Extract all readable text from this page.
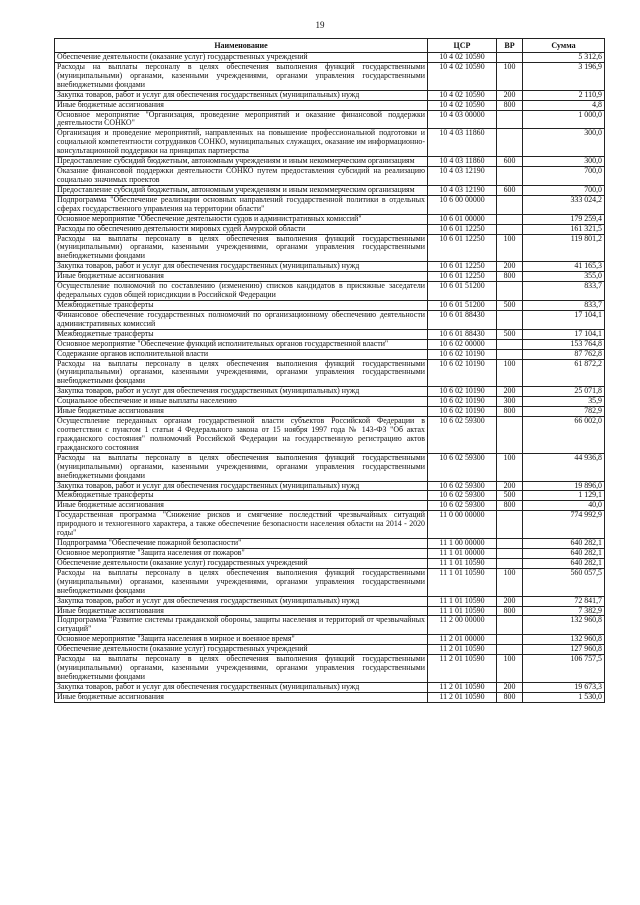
19
Наименование	ЦСР	ВР	Сумма
Обеспечение деятельности (оказание услуг) государственных учреждений	10 4 02 10590		5 312,6
Расходы на выплаты персоналу в целях обеспечения выполнения функций государственными (муниципальными) органами, казенными учреждениями, органами управления государственными внебюджетными фондами	10 4 02 10590	100	3 196,9
Закупка товаров, работ и услуг для обеспечения государственных (муниципальных) нужд	10 4 02 10590	200	2 110,9
Иные бюджетные ассигнования	10 4 02 10590	800	4,8
Основное мероприятие "Организация, проведение мероприятий и оказание финансовой поддержки деятельности СОНКО"	10 4 03 00000		1 000,0
Организация и проведение мероприятий, направленных на повышение профессиональной подготовки и социальной компетентности сотрудников СОНКО, муниципальных служащих, оказание им информационно-консультационной поддержки на принципах партнерства	10 4 03 11860		300,0
Предоставление субсидий бюджетным, автономным учреждениям и иным некоммерческим организациям	10 4 03 11860	600	300,0
Оказание финансовой поддержки деятельности СОНКО путем предоставления субсидий на реализацию социально значимых проектов	10 4 03 12190		700,0
Предоставление субсидий бюджетным, автономным учреждениям и иным некоммерческим организациям	10 4 03 12190	600	700,0
Подпрограмма "Обеспечение реализации основных направлений государственной политики в отдельных сферах государственного управления на территории области"	10 6 00 00000		333 024,2
Основное мероприятие "Обеспечение деятельности судов и административных комиссий"	10 6 01 00000		179 259,4
Расходы по обеспечению деятельности мировых судей Амурской области	10 6 01 12250		161 321,5
Расходы на выплаты персоналу в целях обеспечения выполнения функций государственными (муниципальными) органами, казенными учреждениями, органами управления государственными внебюджетными фондами	10 6 01 12250	100	119 801,2
Закупка товаров, работ и услуг для обеспечения государственных (муниципальных) нужд	10 6 01 12250	200	41 165,3
Иные бюджетные ассигнования	10 6 01 12250	800	355,0
Осуществление полномочий по составлению (изменению) списков кандидатов в присяжные заседатели федеральных судов общей юрисдикции в Российской Федерации	10 6 01 51200		833,7
Межбюджетные трансферты	10 6 01 51200	500	833,7
Финансовое обеспечение государственных полномочий по организационному обеспечению деятельности административных комиссий	10 6 01 88430		17 104,1
Межбюджетные трансферты	10 6 01 88430	500	17 104,1
Основное мероприятие "Обеспечение функций исполнительных органов государственной власти"	10 6 02 00000		153 764,8
Содержание органов исполнительной власти	10 6 02 10190		87 762,8
Расходы на выплаты персоналу в целях обеспечения выполнения функций государственными (муниципальными) органами, казенными учреждениями, органами управления государственными внебюджетными фондами	10 6 02 10190	100	61 872,2
Закупка товаров, работ и услуг для обеспечения государственных (муниципальных) нужд	10 6 02 10190	200	25 071,8
Социальное обеспечение и иные выплаты населению	10 6 02 10190	300	35,9
Иные бюджетные ассигнования	10 6 02 10190	800	782,9
Осуществление переданных органам государственной власти субъектов Российской Федерации в соответствии с пунктом 1 статьи 4 Федерального закона от 15 ноября 1997 года № 143-ФЗ "Об актах гражданского состояния" полномочий Российской Федерации на государственную регистрацию актов гражданского состояния	10 6 02 59300		66 002,0
Расходы на выплаты персоналу в целях обеспечения выполнения функций государственными (муниципальными) органами, казенными учреждениями, органами управления государственными внебюджетными фондами	10 6 02 59300	100	44 936,8
Закупка товаров, работ и услуг для обеспечения государственных (муниципальных) нужд	10 6 02 59300	200	19 896,0
Межбюджетные трансферты	10 6 02 59300	500	1 129,1
Иные бюджетные ассигнования	10 6 02 59300	800	40,0
Государственная программа "Снижение рисков и смягчение последствий чрезвычайных ситуаций природного и техногенного характера, а также обеспечение безопасности населения области на 2014 - 2020 годы"	11 0 00 00000		774 992,9
Подпрограмма "Обеспечение пожарной безопасности"	11 1 00 00000		640 282,1
Основное мероприятие "Защита населения от пожаров"	11 1 01 00000		640 282,1
Обеспечение деятельности (оказание услуг) государственных учреждений	11 1 01 10590		640 282,1
Расходы на выплаты персоналу в целях обеспечения выполнения функций государственными (муниципальными) органами, казенными учреждениями, органами управления государственными внебюджетными фондами	11 1 01 10590	100	560 057,5
Закупка товаров, работ и услуг для обеспечения государственных (муниципальных) нужд	11 1 01 10590	200	72 841,7
Иные бюджетные ассигнования	11 1 01 10590	800	7 382,9
Подпрограмма "Развитие системы гражданской обороны, защиты населения и территорий от чрезвычайных ситуаций"	11 2 00 00000		132 960,8
Основное мероприятие "Защита населения в мирное и военное время"	11 2 01 00000		132 960,8
Обеспечение деятельности (оказание услуг) государственных учреждений	11 2 01 10590		127 960,8
Расходы на выплаты персоналу в целях обеспечения выполнения функций государственными (муниципальными) органами, казенными учреждениями, органами управления государственными внебюджетными фондами	11 2 01 10590	100	106 757,5
Закупка товаров, работ и услуг для обеспечения государственных (муниципальных) нужд	11 2 01 10590	200	19 673,3
Иные бюджетные ассигнования	11 2 01 10590	800	1 530,0
